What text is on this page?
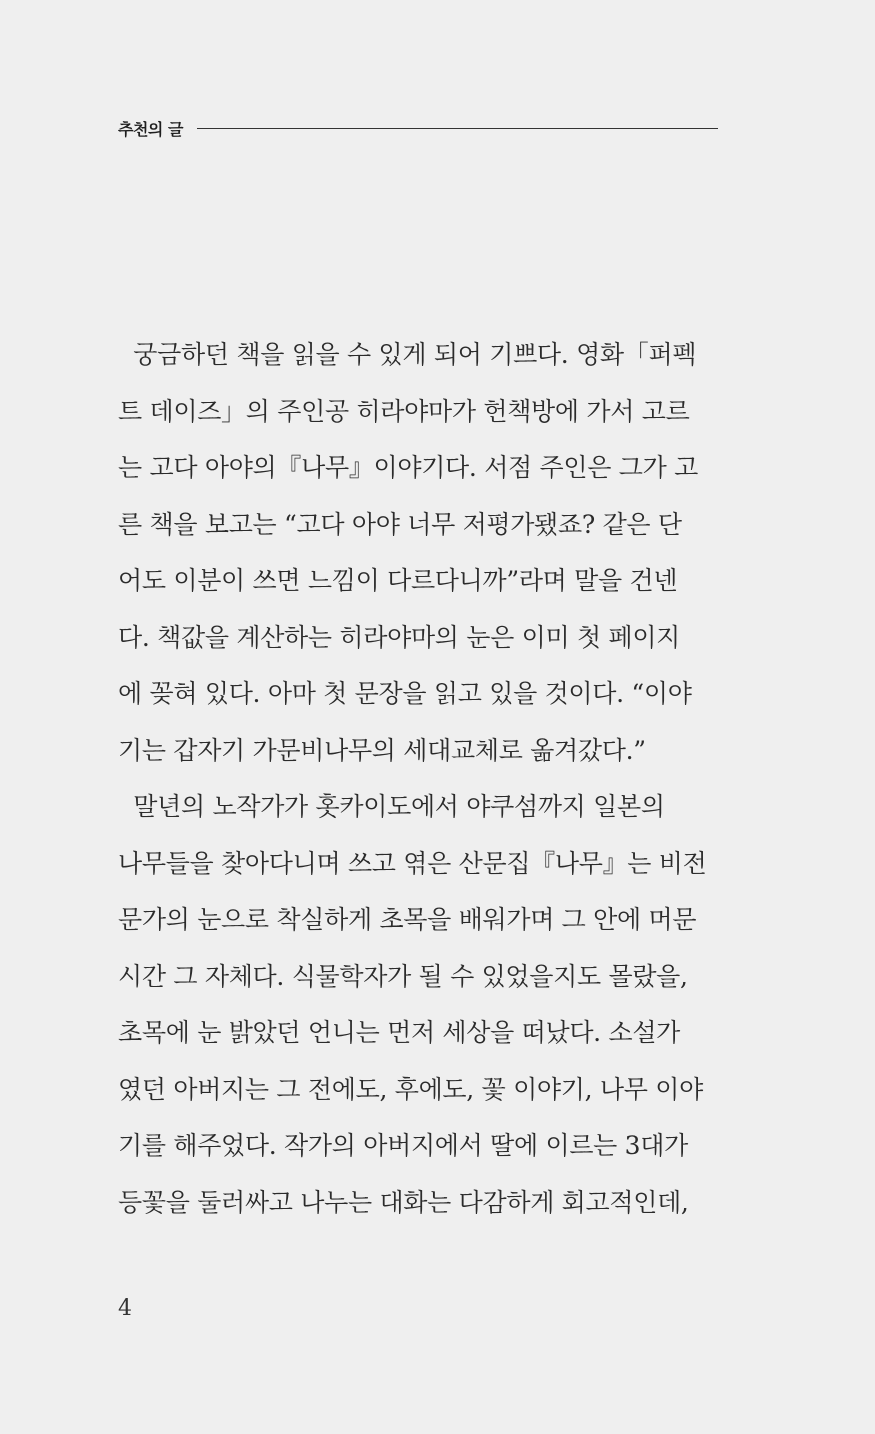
추천의 글
궁금하던 책을 읽을 수 있게 되어 기쁘다. 영화「퍼펙
트 데이즈」의 주인공 히라야마가 헌책방에 가서 고르
는 고다 아야의『나무』이야기다. 서점 주인은 그가 고
른 책을 보고는 “고다 아야 너무 저평가됐죠? 같은 단
어도 이분이 쓰면 느낌이 다르다니까”라며 말을 건넨
다. 책값을 계산하는 히라야마의 눈은 이미 첫 페이지
에 꽂혀 있다. 아마 첫 문장을 읽고 있을 것이다. “이야
기는 갑자기 가문비나무의 세대교체로 옮겨갔다.”
말년의 노작가가 홋카이도에서 야쿠섬까지 일본의
나무들을 찾아다니며 쓰고 엮은 산문집『나무』는 비전
문가의 눈으로 착실하게 초목을 배워가며 그 안에 머문
시간 그 자체다. 식물학자가 될 수 있었을지도 몰랐을,
초목에 눈 밝았던 언니는 먼저 세상을 떠났다. 소설가
였던 아버지는 그 전에도, 후에도, 꽃 이야기, 나무 이야
기를 해주었다. 작가의 아버지에서 딸에 이르는 3대가
등꽃을 둘러싸고 나누는 대화는 다감하게 회고적인데,
4
